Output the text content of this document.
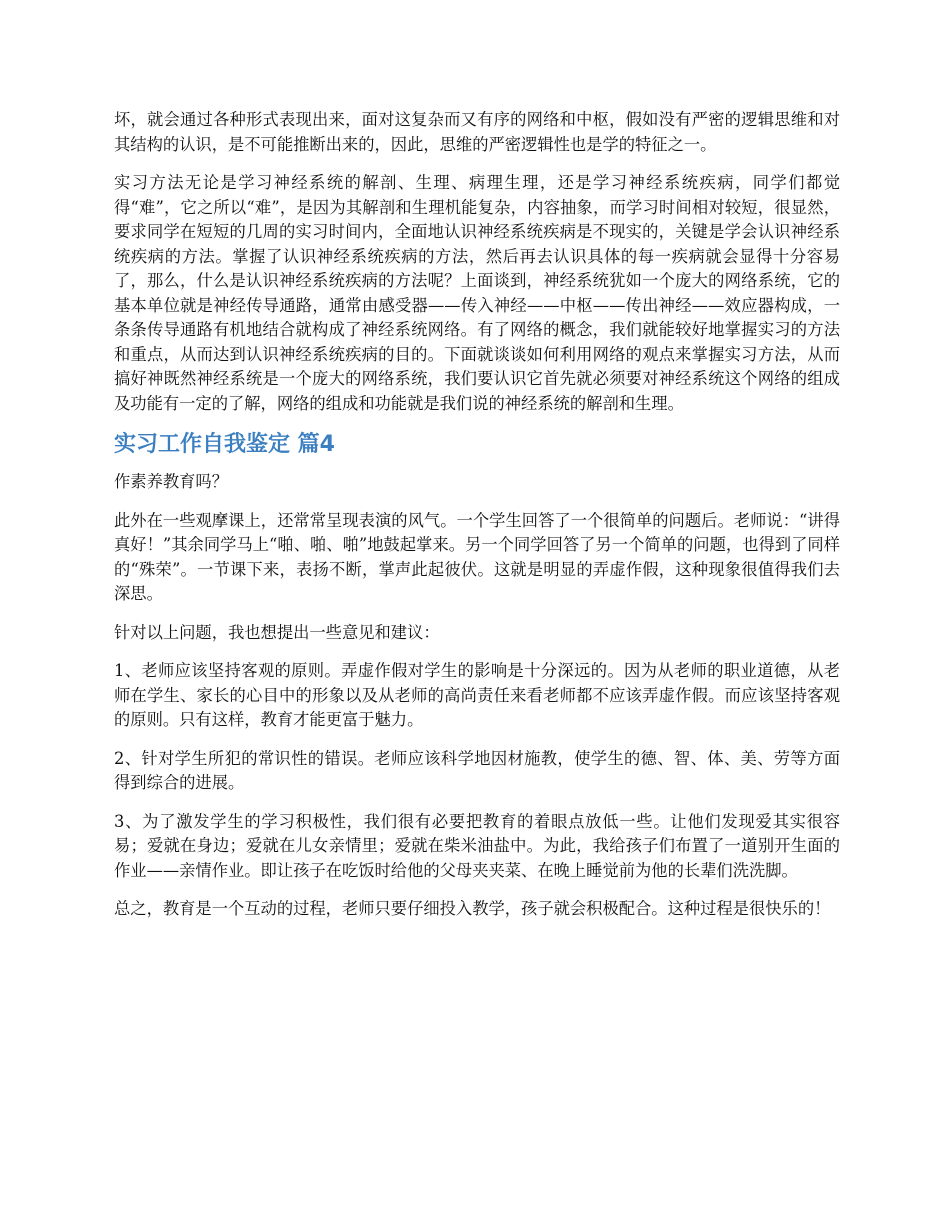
坏，就会通过各种形式表现出来，面对这复杂而又有序的网络和中枢，假如没有严密的逻辑思维和对其结构的认识，是不可能推断出来的，因此，思维的严密逻辑性也是学的特征之一。

实习方法无论是学习神经系统的解剖、生理、病理生理，还是学习神经系统疾病，同学们都觉得“难”，它之所以“难”，是因为其解剖和生理机能复杂，内容抽象，而学习时间相对较短，很显然，要求同学在短短的几周的实习时间内，全面地认识神经系统疾病是不现实的，关键是学会认识神经系统疾病的方法。掌握了认识神经系统疾病的方法，然后再去认识具体的每一疾病就会显得十分容易了，那么，什么是认识神经系统疾病的方法呢？上面谈到，神经系统犹如一个庞大的网络系统，它的基本单位就是神经传导通路，通常由感受器——传入神经——中枢——传出神经——效应器构成，一条条传导通路有机地结合就构成了神经系统网络。有了网络的概念，我们就能较好地掌握实习的方法和重点，从而达到认识神经系统疾病的目的。下面就谈谈如何利用网络的观点来掌握实习方法，从而搞好神既然神经系统是一个庞大的网络系统，我们要认识它首先就必须要对神经系统这个网络的组成及功能有一定的了解，网络的组成和功能就是我们说的神经系统的解剖和生理。

实习工作自我鉴定 篇4

作素养教育吗？

此外在一些观摩课上，还常常呈现表演的风气。一个学生回答了一个很简单的问题后。老师说：“讲得真好！”其余同学马上“啪、啪、啪”地鼓起掌来。另一个同学回答了另一个简单的问题，也得到了同样的“殊荣”。一节课下来，表扬不断，掌声此起彼伏。这就是明显的弄虚作假，这种现象很值得我们去深思。

针对以上问题，我也想提出一些意见和建议：

1、老师应该坚持客观的原则。弄虚作假对学生的影响是十分深远的。因为从老师的职业道德，从老师在学生、家长的心目中的形象以及从老师的高尚责任来看老师都不应该弄虚作假。而应该坚持客观的原则。只有这样，教育才能更富于魅力。

2、针对学生所犯的常识性的错误。老师应该科学地因材施教，使学生的德、智、体、美、劳等方面得到综合的进展。

3、为了激发学生的学习积极性，我们很有必要把教育的着眼点放低一些。让他们发现爱其实很容易；爱就在身边；爱就在儿女亲情里；爱就在柴米油盐中。为此，我给孩子们布置了一道别开生面的作业——亲情作业。即让孩子在吃饭时给他的父母夹夹菜、在晚上睡觉前为他的长辈们洗洗脚。

总之，教育是一个互动的过程，老师只要仔细投入教学，孩子就会积极配合。这种过程是很快乐的！
